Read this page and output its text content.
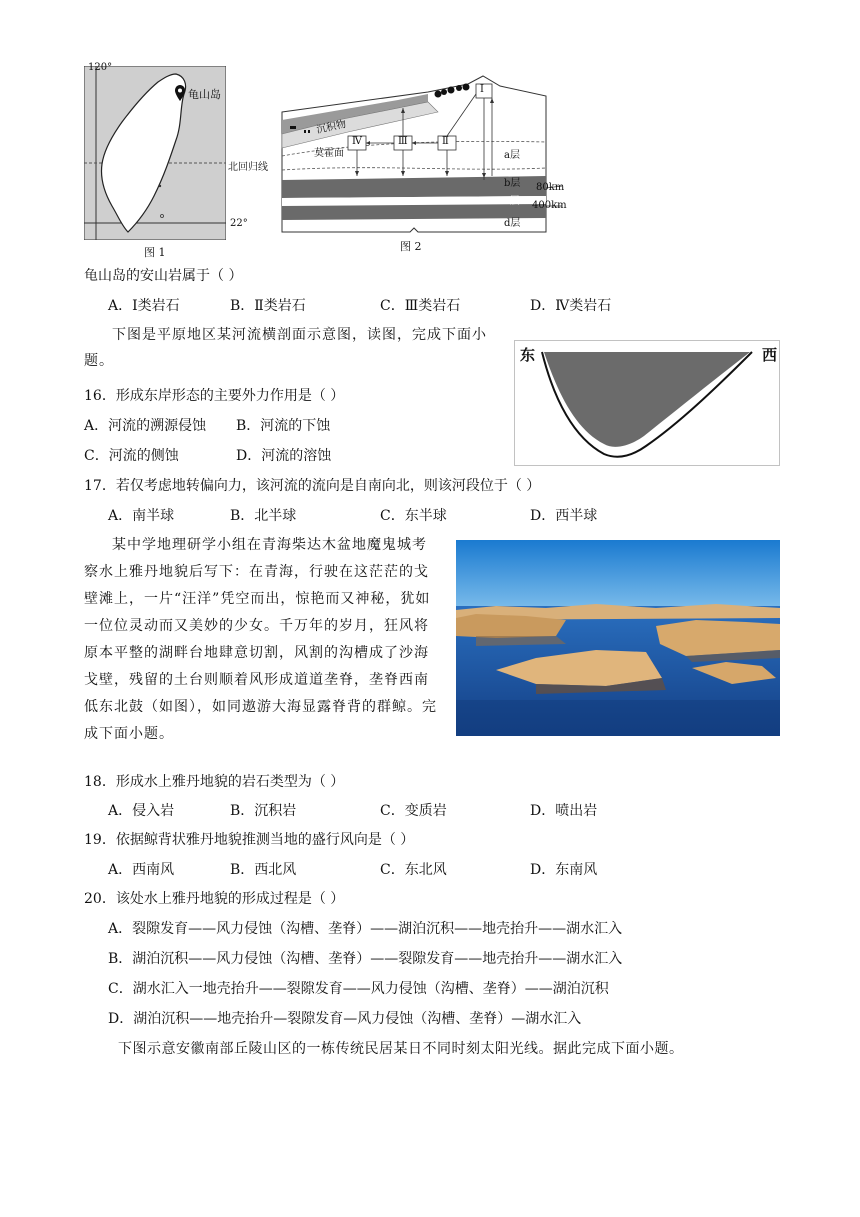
120°
龟山岛
北回归线
22°
图 1
沉积物
莫霍面
Ⅰ
Ⅱ
Ⅲ
Ⅳ
a层
b层 80km
c层 400km
d层
图 2
龟山岛的安山岩属于（ ）
A．Ⅰ类岩石	B．Ⅱ类岩石	C．Ⅲ类岩石	D．Ⅳ类岩石
下图是平原地区某河流横剖面示意图，读图，完成下面小题。	东	西
16．形成东岸形态的主要外力作用是（ ）
A．河流的溯源侵蚀 B．河流的下蚀
C．河流的侧蚀	D．河流的溶蚀
17．若仅考虑地转偏向力，该河流的流向是自南向北，则该河段位于（ ）
A．南半球	B．北半球	C．东半球	D．西半球
某中学地理研学小组在青海柴达木盆地魔鬼城考察水上雅丹地貌后写下：在青海，行驶在这茫茫的戈壁滩上，一片“汪洋”凭空而出，惊艳而又神秘，犹如一位位灵动而又美妙的少女。千万年的岁月，狂风将原本平整的湖畔台地肆意切割，风割的沟槽成了沙海戈壁，残留的土台则顺着风形成道道垄脊，垄脊西南低东北鼓（如图），如同遨游大海显露脊背的群鲸。完成下面小题。
18．形成水上雅丹地貌的岩石类型为（ ）
A．侵入岩	B．沉积岩	C．变质岩	D．喷出岩
19．依据鲸背状雅丹地貌推测当地的盛行风向是（ ）
A．西南风	B．西北风	C．东北风	D．东南风
20．该处水上雅丹地貌的形成过程是（ ）
A．裂隙发育——风力侵蚀（沟槽、垄脊）——湖泊沉积——地壳抬升——湖水汇入
B．湖泊沉积——风力侵蚀（沟槽、垄脊）——裂隙发育——地壳抬升——湖水汇入
C．湖水汇入一地壳抬升——裂隙发育——风力侵蚀（沟槽、垄脊）——湖泊沉积
D．湖泊沉积——地壳抬升—裂隙发育—风力侵蚀（沟槽、垄脊）—湖水汇入
下图示意安徽南部丘陵山区的一栋传统民居某日不同时刻太阳光线。据此完成下面小题。
